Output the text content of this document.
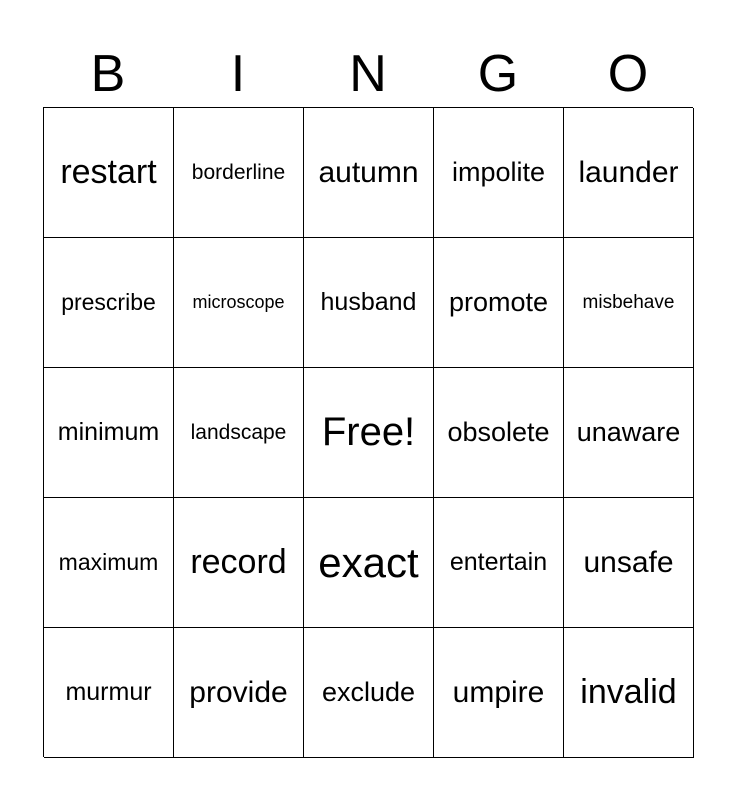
B	I	N	G	O
restart borderline autumn impolite launder
prescribe microscope husband promote misbehave
minimum landscape Free! obsolete unaware
maximum record exact entertain unsafe
murmur provide exclude umpire invalid
